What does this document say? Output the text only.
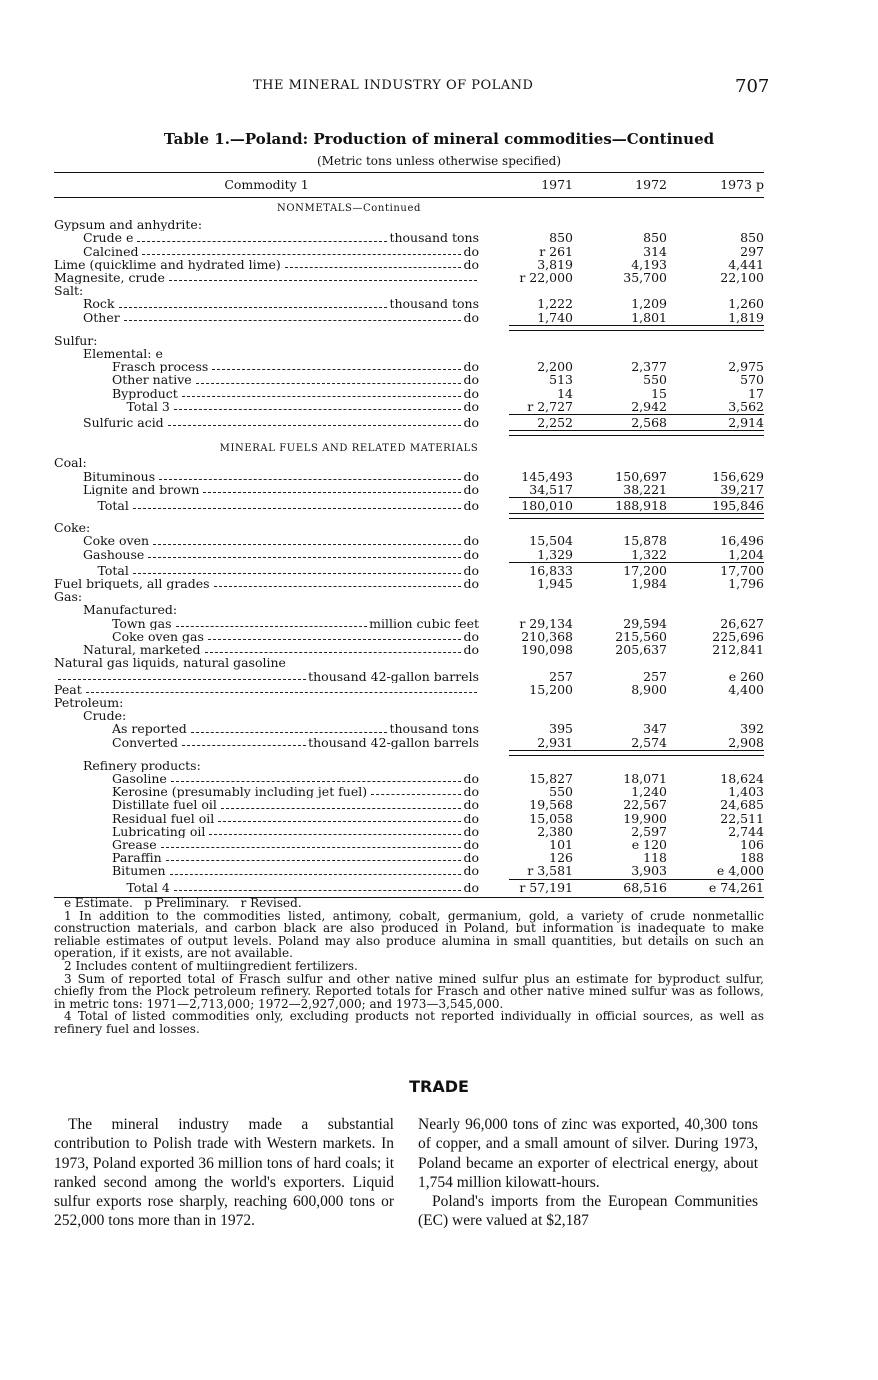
THE MINERAL INDUSTRY OF POLAND	707
Table 1.—Poland: Production of mineral commodities—Continued
(Metric tons unless otherwise specified)
Commodity 1	1971	1972	1973 p
NONMETALS—Continued
Gypsum and anhydrite:
Crude e	thousand tons	850	850	850
Calcined	do	r 261	314	297
Lime (quicklime and hydrated lime)	do	3,819	4,193	4,441
Magnesite, crude	r 22,000	35,700	22,100
Salt:
Rock	thousand tons	1,222	1,209	1,260
Other	do	1,740	1,801	1,819
Sulfur:
Elemental: e
Frasch process	do	2,200	2,377	2,975
Other native	do	513	550	570
Byproduct	do	14	15	17
Total 3	do	r 2,727	2,942	3,562
Sulfuric acid	do	2,252	2,568	2,914
MINERAL FUELS AND RELATED MATERIALS
Coal:
Bituminous	do	145,493	150,697	156,629
Lignite and brown	do	34,517	38,221	39,217
Total	do	180,010	188,918	195,846
Coke:
Coke oven	do	15,504	15,878	16,496
Gashouse	do	1,329	1,322	1,204
Total	do	16,833	17,200	17,700
Fuel briquets, all grades	do	1,945	1,984	1,796
Gas:
Manufactured:
Town gas	million cubic feet	r 29,134	29,594	26,627
Coke oven gas	do	210,368	215,560	225,696
Natural, marketed	do	190,098	205,637	212,841
Natural gas liquids, natural gasoline
thousand 42-gallon barrels	257	257	e 260
Peat	15,200	8,900	4,400
Petroleum:
Crude:
As reported	thousand tons	395	347	392
Converted	thousand 42-gallon barrels	2,931	2,574	2,908
Refinery products:
Gasoline	do	15,827	18,071	18,624
Kerosine (presumably including jet fuel)	do	550	1,240	1,403
Distillate fuel oil	do	19,568	22,567	24,685
Residual fuel oil	do	15,058	19,900	22,511
Lubricating oil	do	2,380	2,597	2,744
Grease	do	101	e 120	106
Paraffin	do	126	118	188
Bitumen	do	r 3,581	3,903	e 4,000
Total 4	do	r 57,191	68,516	e 74,261

e Estimate.   p Preliminary.   r Revised.

1 In addition to the commodities listed, antimony, cobalt, germanium, gold, a variety of crude nonmetallic construction materials, and carbon black are also produced in Poland, but information is inadequate to make reliable estimates of output levels. Poland may also produce alumina in small quantities, but details on such an operation, if it exists, are not available.

2 Includes content of multiingredient fertilizers.

3 Sum of reported total of Frasch sulfur and other native mined sulfur plus an estimate for byproduct sulfur, chiefly from the Plock petroleum refinery. Reported totals for Frasch and other native mined sulfur was as follows, in metric tons: 1971—2,713,000; 1972—2,927,000; and 1973—3,545,000.

4 Total of listed commodities only, excluding products not reported individually in official sources, as well as refinery fuel and losses.

TRADE

The mineral industry made a substantial contribution to Polish trade with Western markets. In 1973, Poland exported 36 million tons of hard coals; it ranked second among the world's exporters. Liquid sulfur exports rose sharply, reaching 600,000 tons or 252,000 tons more than in 1972.

Nearly 96,000 tons of zinc was exported, 40,300 tons of copper, and a small amount of silver. During 1973, Poland became an exporter of electrical energy, about 1,754 million kilowatt-hours.

Poland's imports from the European Communities (EC) were valued at $2,187
